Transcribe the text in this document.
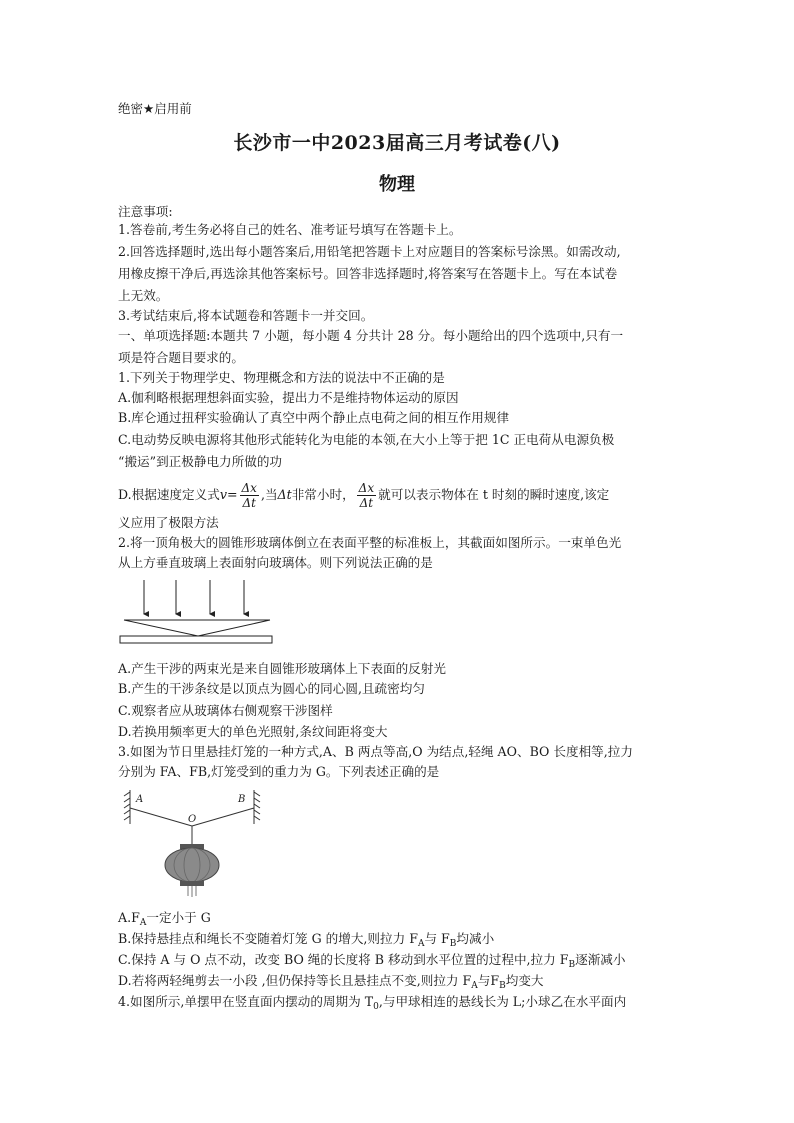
绝密★启用前
长沙市一中2023届高三月考试卷(八)
物理
注意事项:
1.答卷前,考生务必将自己的姓名、准考证号填写在答题卡上。
2.回答选择题时,选出每小题答案后,用铅笔把答题卡上对应题目的答案标号涂黑。如需改动,
用橡皮擦干净后,再选涂其他答案标号。回答非选择题时,将答案写在答题卡上。写在本试卷
上无效。
3.考试结束后,将本试题卷和答题卡一并交回。
一、单项选择题:本题共 7 小题，每小题 4 分共计 28 分。每小题给出的四个选项中,只有一
项是符合题目要求的。
1.下列关于物理学史、物理概念和方法的说法中不正确的是
A.伽利略根据理想斜面实验，提出力不是维持物体运动的原因
B.库仑通过扭秤实验确认了真空中两个静止点电荷之间的相互作用规律
C.电动势反映电源将其他形式能转化为电能的本领,在大小上等于把 1C 正电荷从电源负极
“搬运”到正极静电力所做的功
D.根据速度定义式$v= \frac{\Delta x}{\Delta t}$ ,当Δt非常小时， $\frac{\Delta x}{\Delta t}$ 就可以表示物体在 t 时刻的瞬时速度,该定
义应用了极限方法
2.将一顶角极大的圆锥形玻璃体倒立在表面平整的标准板上，其截面如图所示。一束单色光
从上方垂直玻璃上表面射向玻璃体。则下列说法正确的是
A.产生干涉的两束光是来自圆锥形玻璃体上下表面的反射光
B.产生的干涉条纹是以顶点为圆心的同心圆,且疏密均匀
C.观察者应从玻璃体右侧观察干涉图样
D.若换用频率更大的单色光照射,条纹间距将变大
3.如图为节日里悬挂灯笼的一种方式,A、B 两点等高,O 为结点,轻绳 AO、BO 长度相等,拉力
分别为 FA、FB,灯笼受到的重力为 G。下列表述正确的是
A	B
O
$A.F_A$一定小于 G
B.保持悬挂点和绳长不变随着灯笼 G 的增大,则拉力 $F_A$与 $F_B$均减小
C.保持 A 与 O 点不动，改变 BO 绳的长度将 B 移动到水平位置的过程中,拉力 $F_B$逐渐减小
D.若将两轻绳剪去一小段 ,但仍保持等长且悬挂点不变,则拉力 $F_A$与$F_B$均变大
4.如图所示,单摆甲在竖直面内摆动的周期为 $T_0$,与甲球相连的悬线长为 L;小球乙在水平面内
